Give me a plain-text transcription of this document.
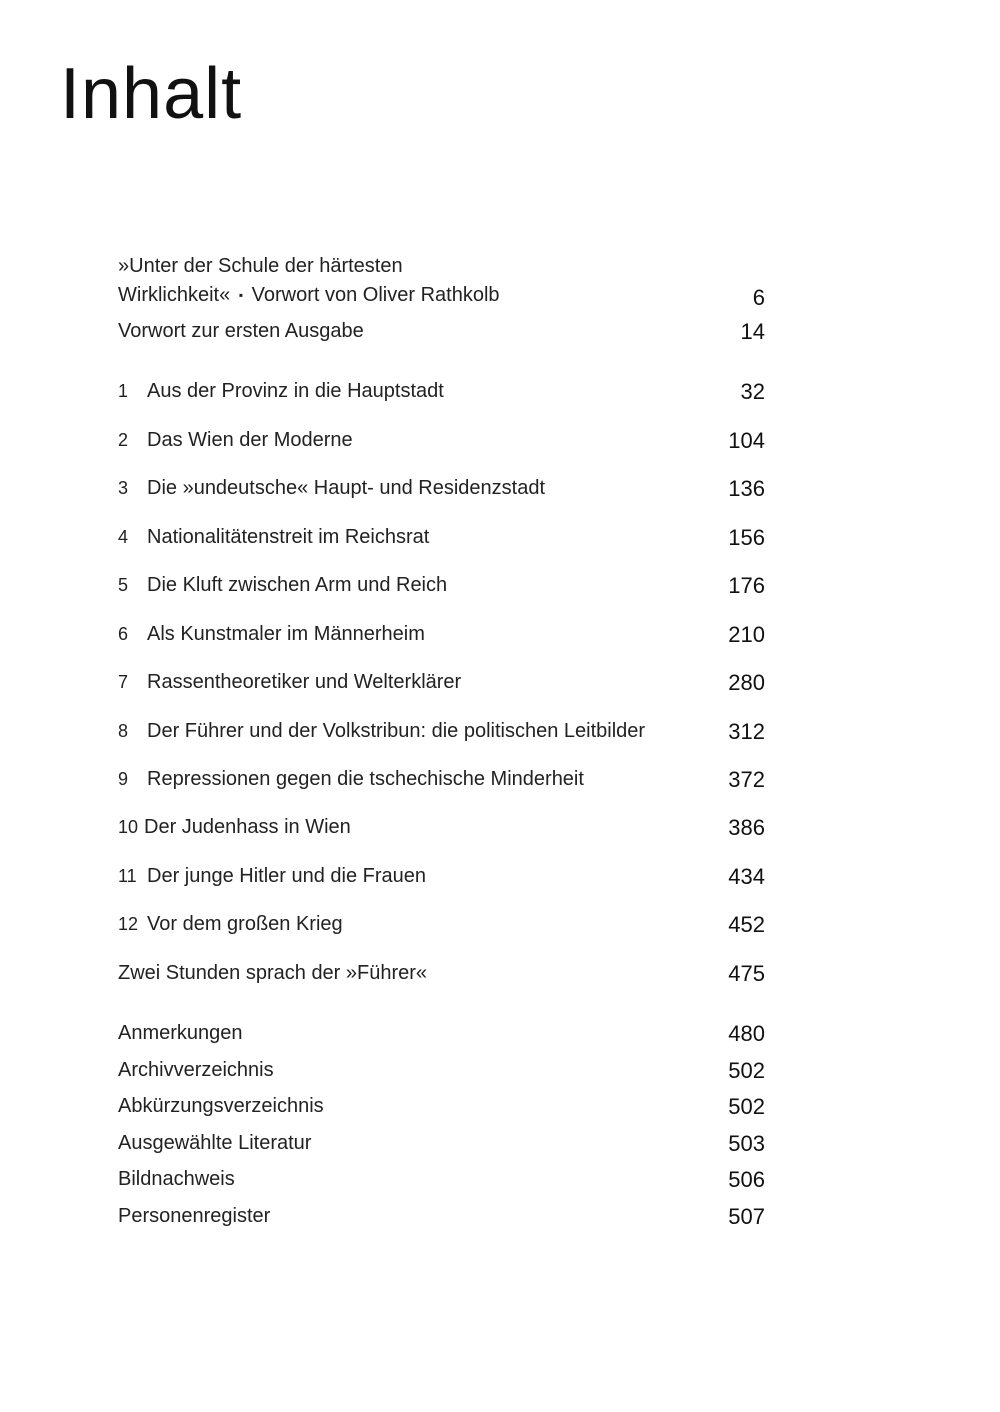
Inhalt
»Unter der Schule der härtesten
Wirklichkeit« ▪ Vorwort von Oliver Rathkolb	6
Vorwort zur ersten Ausgabe	14
1 Aus der Provinz in die Hauptstadt	32
2 Das Wien der Moderne	104
3 Die »undeutsche« Haupt- und Residenzstadt	136
4 Nationalitätenstreit im Reichsrat	156
5 Die Kluft zwischen Arm und Reich	176
6 Als Kunstmaler im Männerheim	210
7 Rassentheoretiker und Welterklärer	280
8 Der Führer und der Volkstribun: die politischen Leitbilder	312
9 Repressionen gegen die tschechische Minderheit	372
10 Der Judenhass in Wien	386
11 Der junge Hitler und die Frauen	434
12 Vor dem großen Krieg	452
Zwei Stunden sprach der »Führer«	475
Anmerkungen	480
Archivverzeichnis	502
Abkürzungsverzeichnis	502
Ausgewählte Literatur	503
Bildnachweis	506
Personenregister	507
